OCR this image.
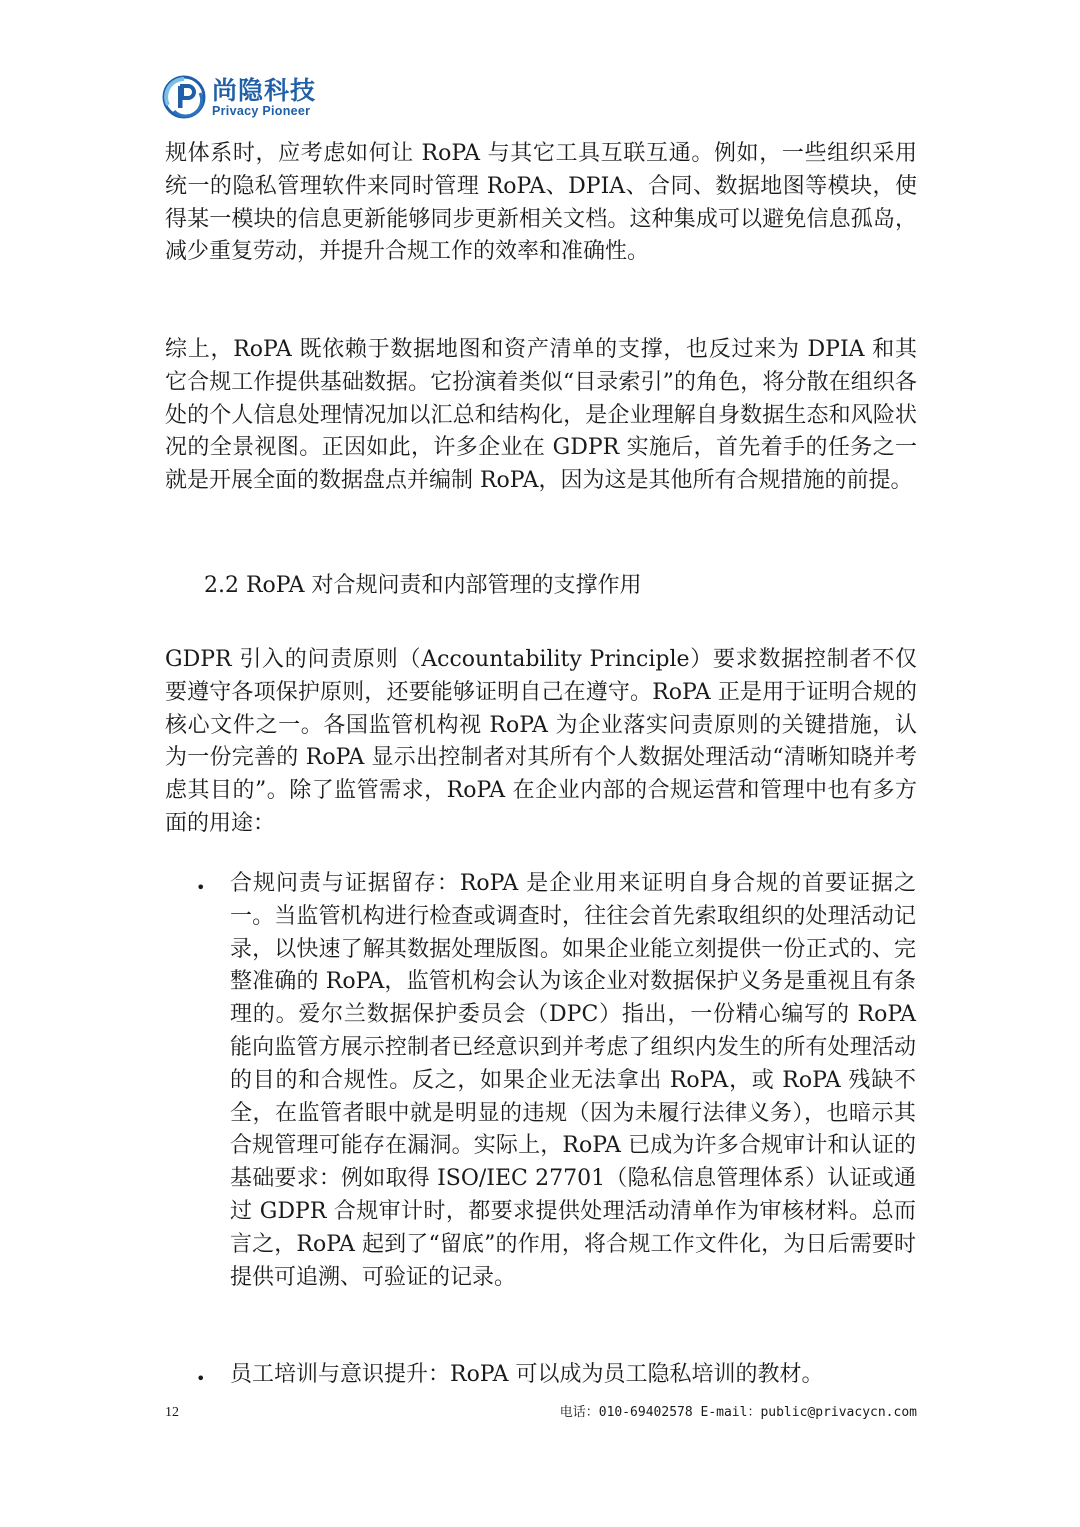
尚隐科技
Privacy Pioneer

规体系时，应考虑如何让 RoPA 与其它工具互联互通。例如，一些组织采用统一的隐私管理软件来同时管理 RoPA、DPIA、合同、数据地图等模块，使得某一模块的信息更新能够同步更新相关文档。这种集成可以避免信息孤岛，减少重复劳动，并提升合规工作的效率和准确性。

综上，RoPA 既依赖于数据地图和资产清单的支撑，也反过来为 DPIA 和其它合规工作提供基础数据。它扮演着类似“目录索引”的角色，将分散在组织各处的个人信息处理情况加以汇总和结构化，是企业理解自身数据生态和风险状况的全景视图。正因如此，许多企业在 GDPR 实施后，首先着手的任务之一就是开展全面的数据盘点并编制 RoPA，因为这是其他所有合规措施的前提。

2.2 RoPA 对合规问责和内部管理的支撑作用

GDPR 引入的问责原则（Accountability Principle）要求数据控制者不仅要遵守各项保护原则，还要能够证明自己在遵守。RoPA 正是用于证明合规的核心文件之一。各国监管机构视 RoPA 为企业落实问责原则的关键措施，认为一份完善的 RoPA 显示出控制者对其所有个人数据处理活动“清晰知晓并考虑其目的”。除了监管需求，RoPA 在企业内部的合规运营和管理中也有多方面的用途：

• 合规问责与证据留存：RoPA 是企业用来证明自身合规的首要证据之一。当监管机构进行检查或调查时，往往会首先索取组织的处理活动记录，以快速了解其数据处理版图。如果企业能立刻提供一份正式的、完整准确的 RoPA，监管机构会认为该企业对数据保护义务是重视且有条理的。爱尔兰数据保护委员会（DPC）指出，一份精心编写的 RoPA 能向监管方展示控制者已经意识到并考虑了组织内发生的所有处理活动的目的和合规性。反之，如果企业无法拿出 RoPA，或 RoPA 残缺不全，在监管者眼中就是明显的违规（因为未履行法律义务），也暗示其合规管理可能存在漏洞。实际上，RoPA 已成为许多合规审计和认证的基础要求：例如取得 ISO/IEC 27701（隐私信息管理体系）认证或通过 GDPR 合规审计时，都要求提供处理活动清单作为审核材料。总而言之，RoPA 起到了“留底”的作用，将合规工作文件化，为日后需要时提供可追溯、可验证的记录。

• 员工培训与意识提升：RoPA 可以成为员工隐私培训的教材。

12	电话：010-69402578 E-mail：public@privacycn.com
